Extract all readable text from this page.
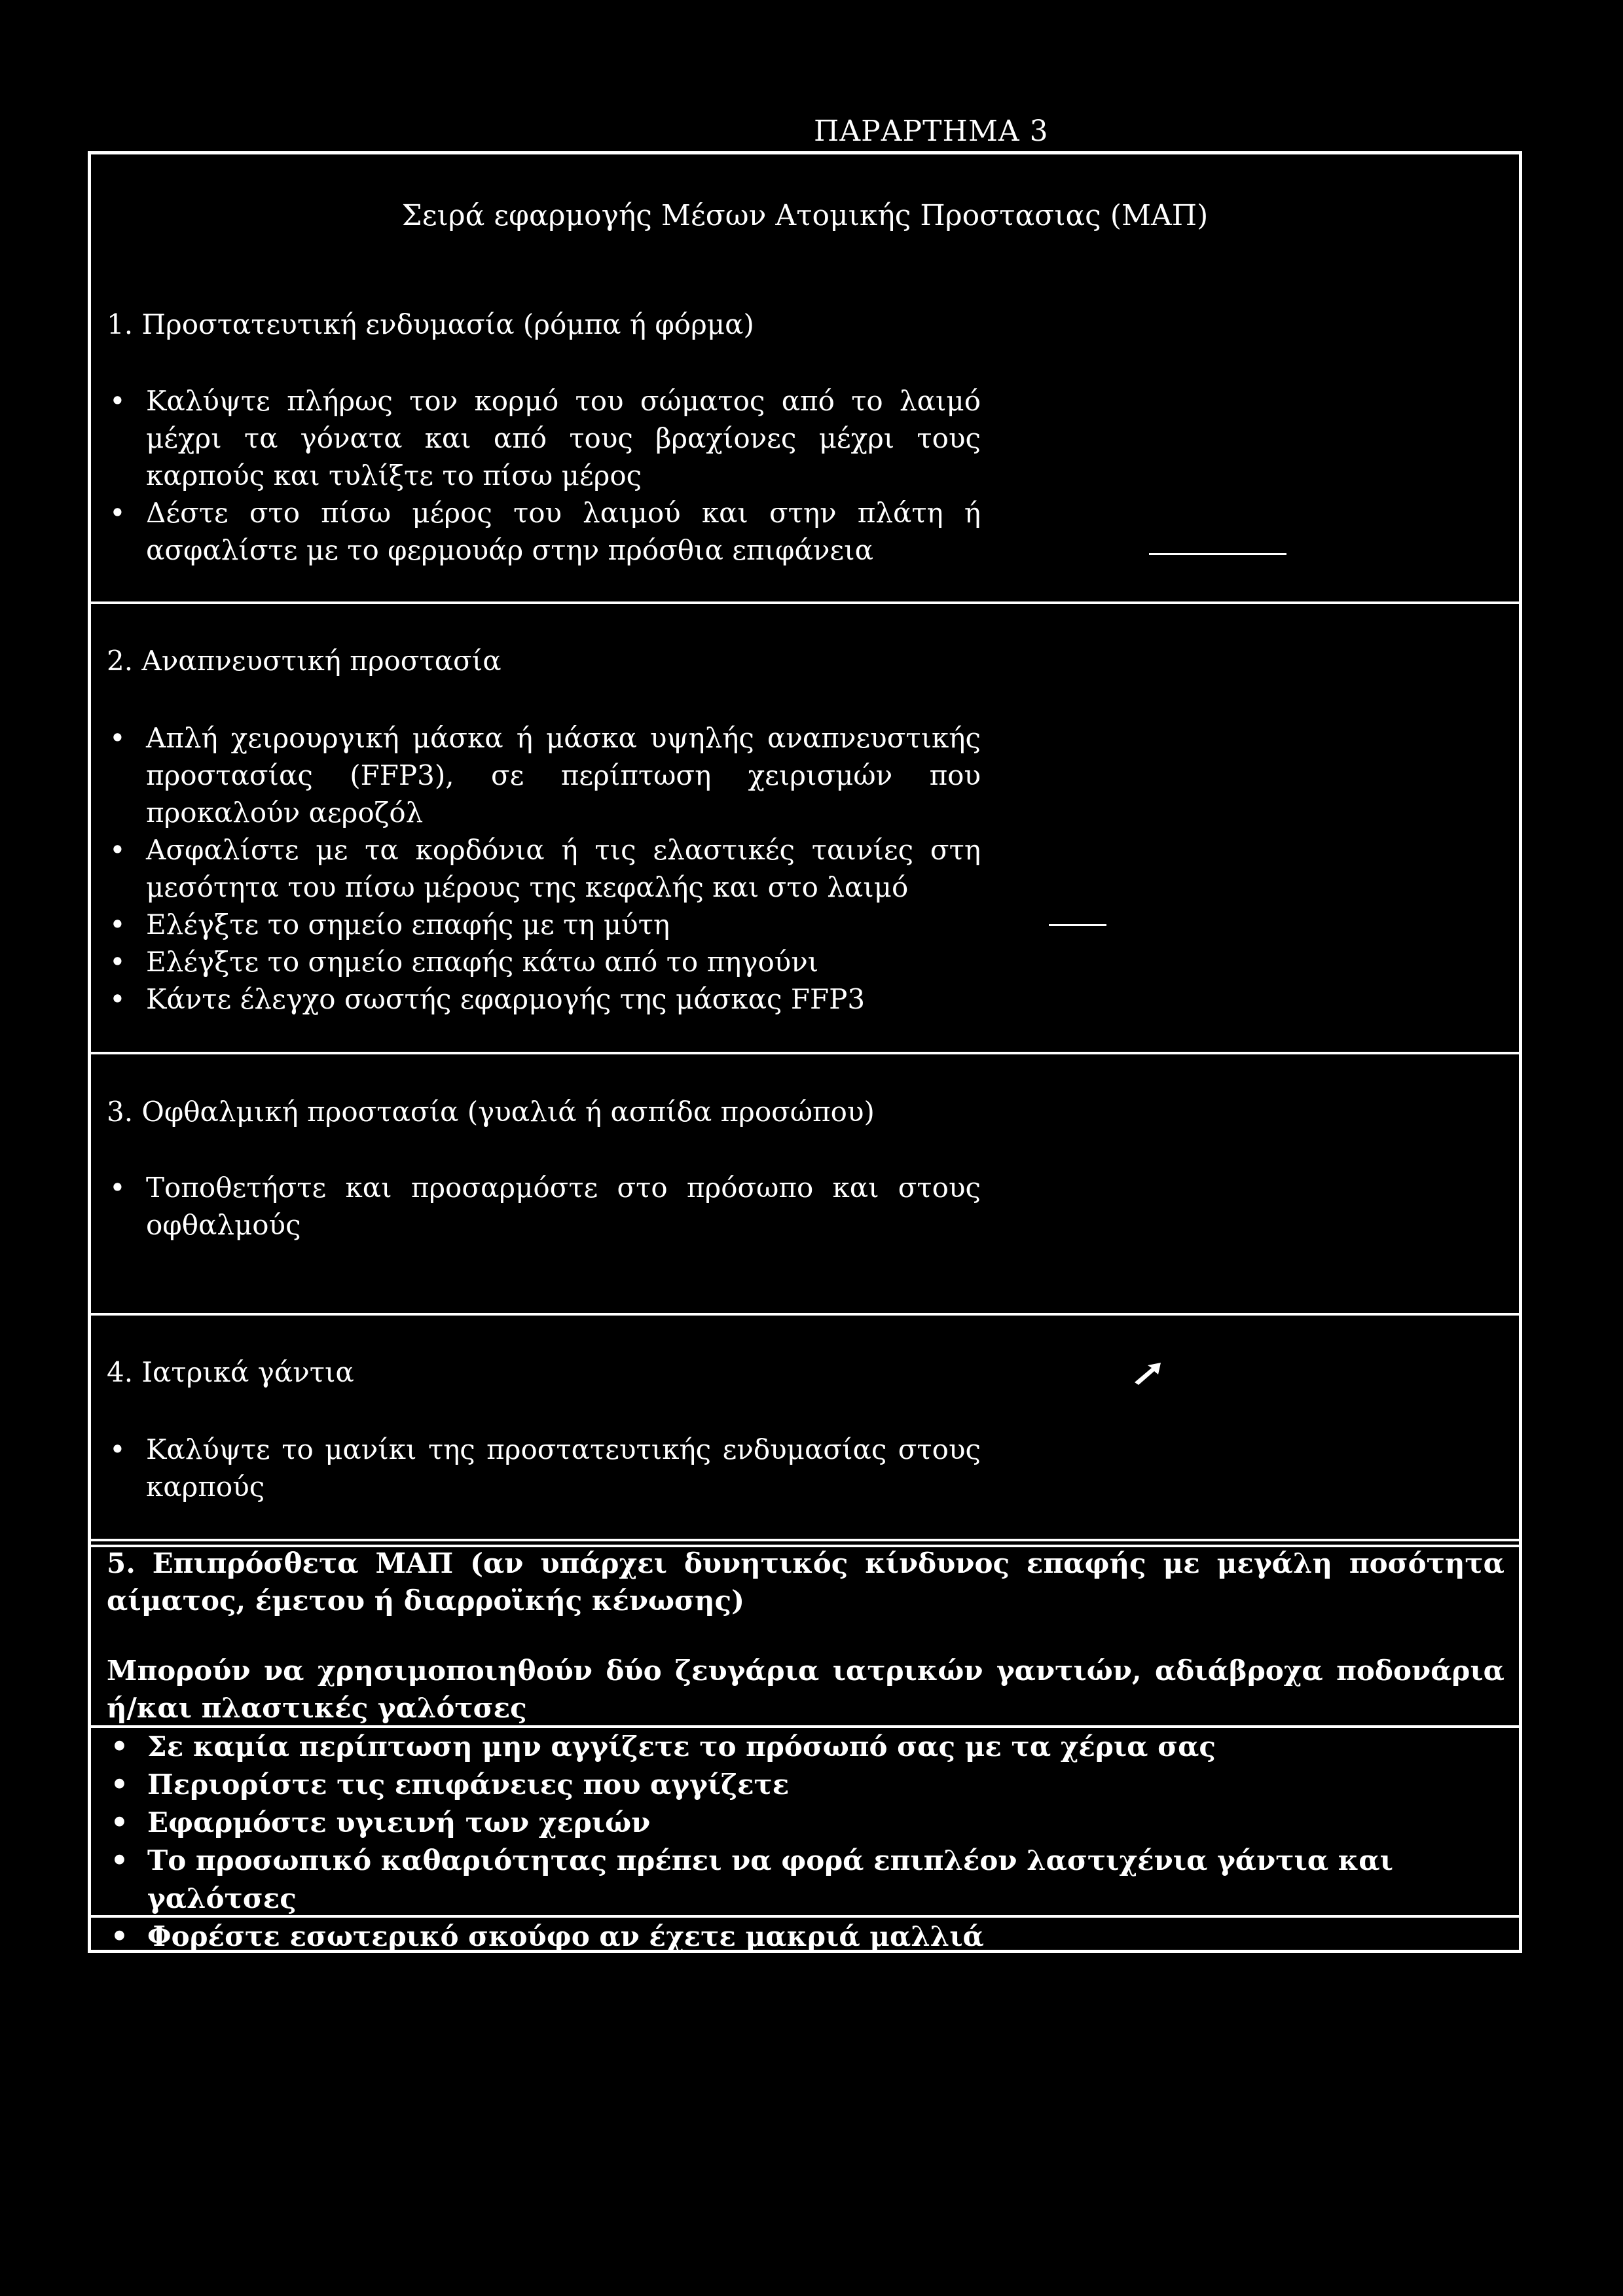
ΠΑΡΑΡΤΗΜΑ 3
Σειρά εφαρμογής Μέσων Ατομικής Προστασιας (ΜΑΠ)
1. Προστατευτική ενδυμασία (ρόμπα ή φόρμα)
• Καλύψτε πλήρως τον κορμό του σώματος από το λαιμό μέχρι τα γόνατα και από τους βραχίονες μέχρι τους καρπούς και τυλίξτε το πίσω μέρος
• Δέστε στο πίσω μέρος του λαιμού και στην πλάτη ή ασφαλίστε με το φερμουάρ στην πρόσθια επιφάνεια
2. Αναπνευστική προστασία
• Απλή χειρουργική μάσκα ή μάσκα υψηλής αναπνευστικής προστασίας (FFP3), σε περίπτωση χειρισμών που προκαλούν αεροζόλ
• Ασφαλίστε με τα κορδόνια ή τις ελαστικές ταινίες στη μεσότητα του πίσω μέρους της κεφαλής και στο λαιμό
• Ελέγξτε το σημείο επαφής με τη μύτη
• Ελέγξτε το σημείο επαφής κάτω από το πηγούνι
• Κάντε έλεγχο σωστής εφαρμογής της μάσκας FFP3
3. Οφθαλμική προστασία (γυαλιά ή ασπίδα προσώπου)
• Τοποθετήστε και προσαρμόστε στο πρόσωπο και στους οφθαλμούς
4. Ιατρικά γάντια
• Καλύψτε το μανίκι της προστατευτικής ενδυμασίας στους καρπούς
5. Επιπρόσθετα ΜΑΠ (αν υπάρχει δυνητικός κίνδυνος επαφής με μεγάλη ποσότητα αίματος, έμετου ή διαρροϊκής κένωσης)
Μπορούν να χρησιμοποιηθούν δύο ζευγάρια ιατρικών γαντιών, αδιάβροχα ποδονάρια ή/και πλαστικές γαλότσες
• Σε καμία περίπτωση μην αγγίζετε το πρόσωπό σας με τα χέρια σας
• Περιορίστε τις επιφάνειες που αγγίζετε
• Εφαρμόστε υγιεινή των χεριών
• Το προσωπικό καθαριότητας πρέπει να φορά επιπλέον λαστιχένια γάντια και γαλότσες
• Φορέστε εσωτερικό σκούφο αν έχετε μακριά μαλλιά
